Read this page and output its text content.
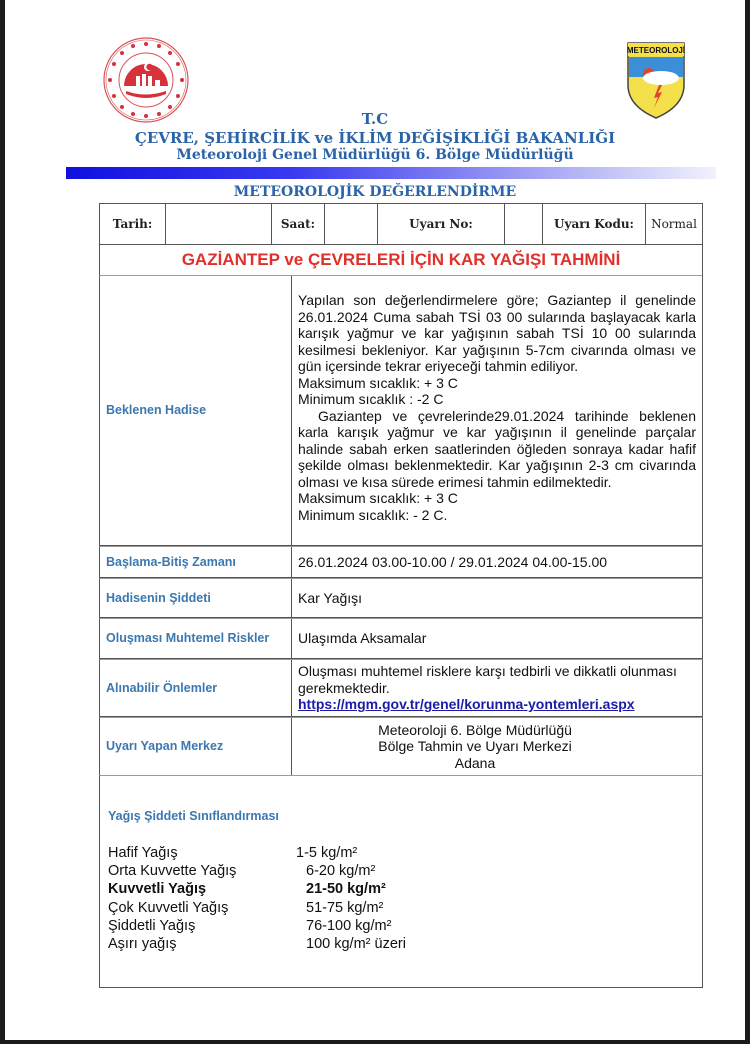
METEOROLOJİ
T.C
ÇEVRE, ŞEHİRCİLİK ve İKLİM DEĞİŞİKLİĞİ BAKANLIĞI
Meteoroloji Genel Müdürlüğü 6. Bölge Müdürlüğü
METEOROLOJİK DEĞERLENDİRME
Tarih:	Saat:	Uyarı No:	Uyarı Kodu:	Normal
GAZİANTEP ve ÇEVRELERİ İÇİN KAR YAĞIŞI TAHMİNİ
Beklenen Hadise
Yapılan son değerlendirmelere göre; Gaziantep il genelinde 26.01.2024 Cuma sabah TSİ 03 00 sularında başlayacak karla karışık yağmur ve kar yağışının sabah TSİ 10 00 sularında kesilmesi bekleniyor. Kar yağışının 5-7cm civarında olması ve gün içersinde tekrar eriyeceği tahmin ediliyor.
Maksimum sıcaklık: + 3 C
Minimum sıcaklık : -2 C
Gaziantep ve çevrelerinde29.01.2024 tarihinde beklenen karla karışık yağmur ve kar yağışının il genelinde parçalar halinde sabah erken saatlerinden öğleden sonraya kadar hafif şekilde olması beklenmektedir. Kar yağışının 2-3 cm civarında olması ve kısa sürede erimesi tahmin edilmektedir.
Maksimum sıcaklık: + 3 C
Minimum sıcaklık: - 2 C.
Başlama-Bitiş Zamanı	26.01.2024 03.00-10.00 / 29.01.2024 04.00-15.00
Hadisenin Şiddeti	Kar Yağışı
Oluşması Muhtemel Riskler	Ulaşımda Aksamalar
Alınabilir Önlemler
Oluşması muhtemel risklere karşı tedbirli ve dikkatli olunması gerekmektedir.
https://mgm.gov.tr/genel/korunma-yontemleri.aspx
Uyarı Yapan Merkez
Meteoroloji 6. Bölge Müdürlüğü
Bölge Tahmin ve Uyarı Merkezi
Adana
Yağış Şiddeti Sınıflandırması
Hafif Yağış	1-5 kg/m²
Orta Kuvvette Yağış	6-20 kg/m²
Kuvvetli Yağış	21-50 kg/m²
Çok Kuvvetli Yağış	51-75 kg/m²
Şiddetli Yağış	76-100 kg/m²
Aşırı yağış	100 kg/m² üzeri
